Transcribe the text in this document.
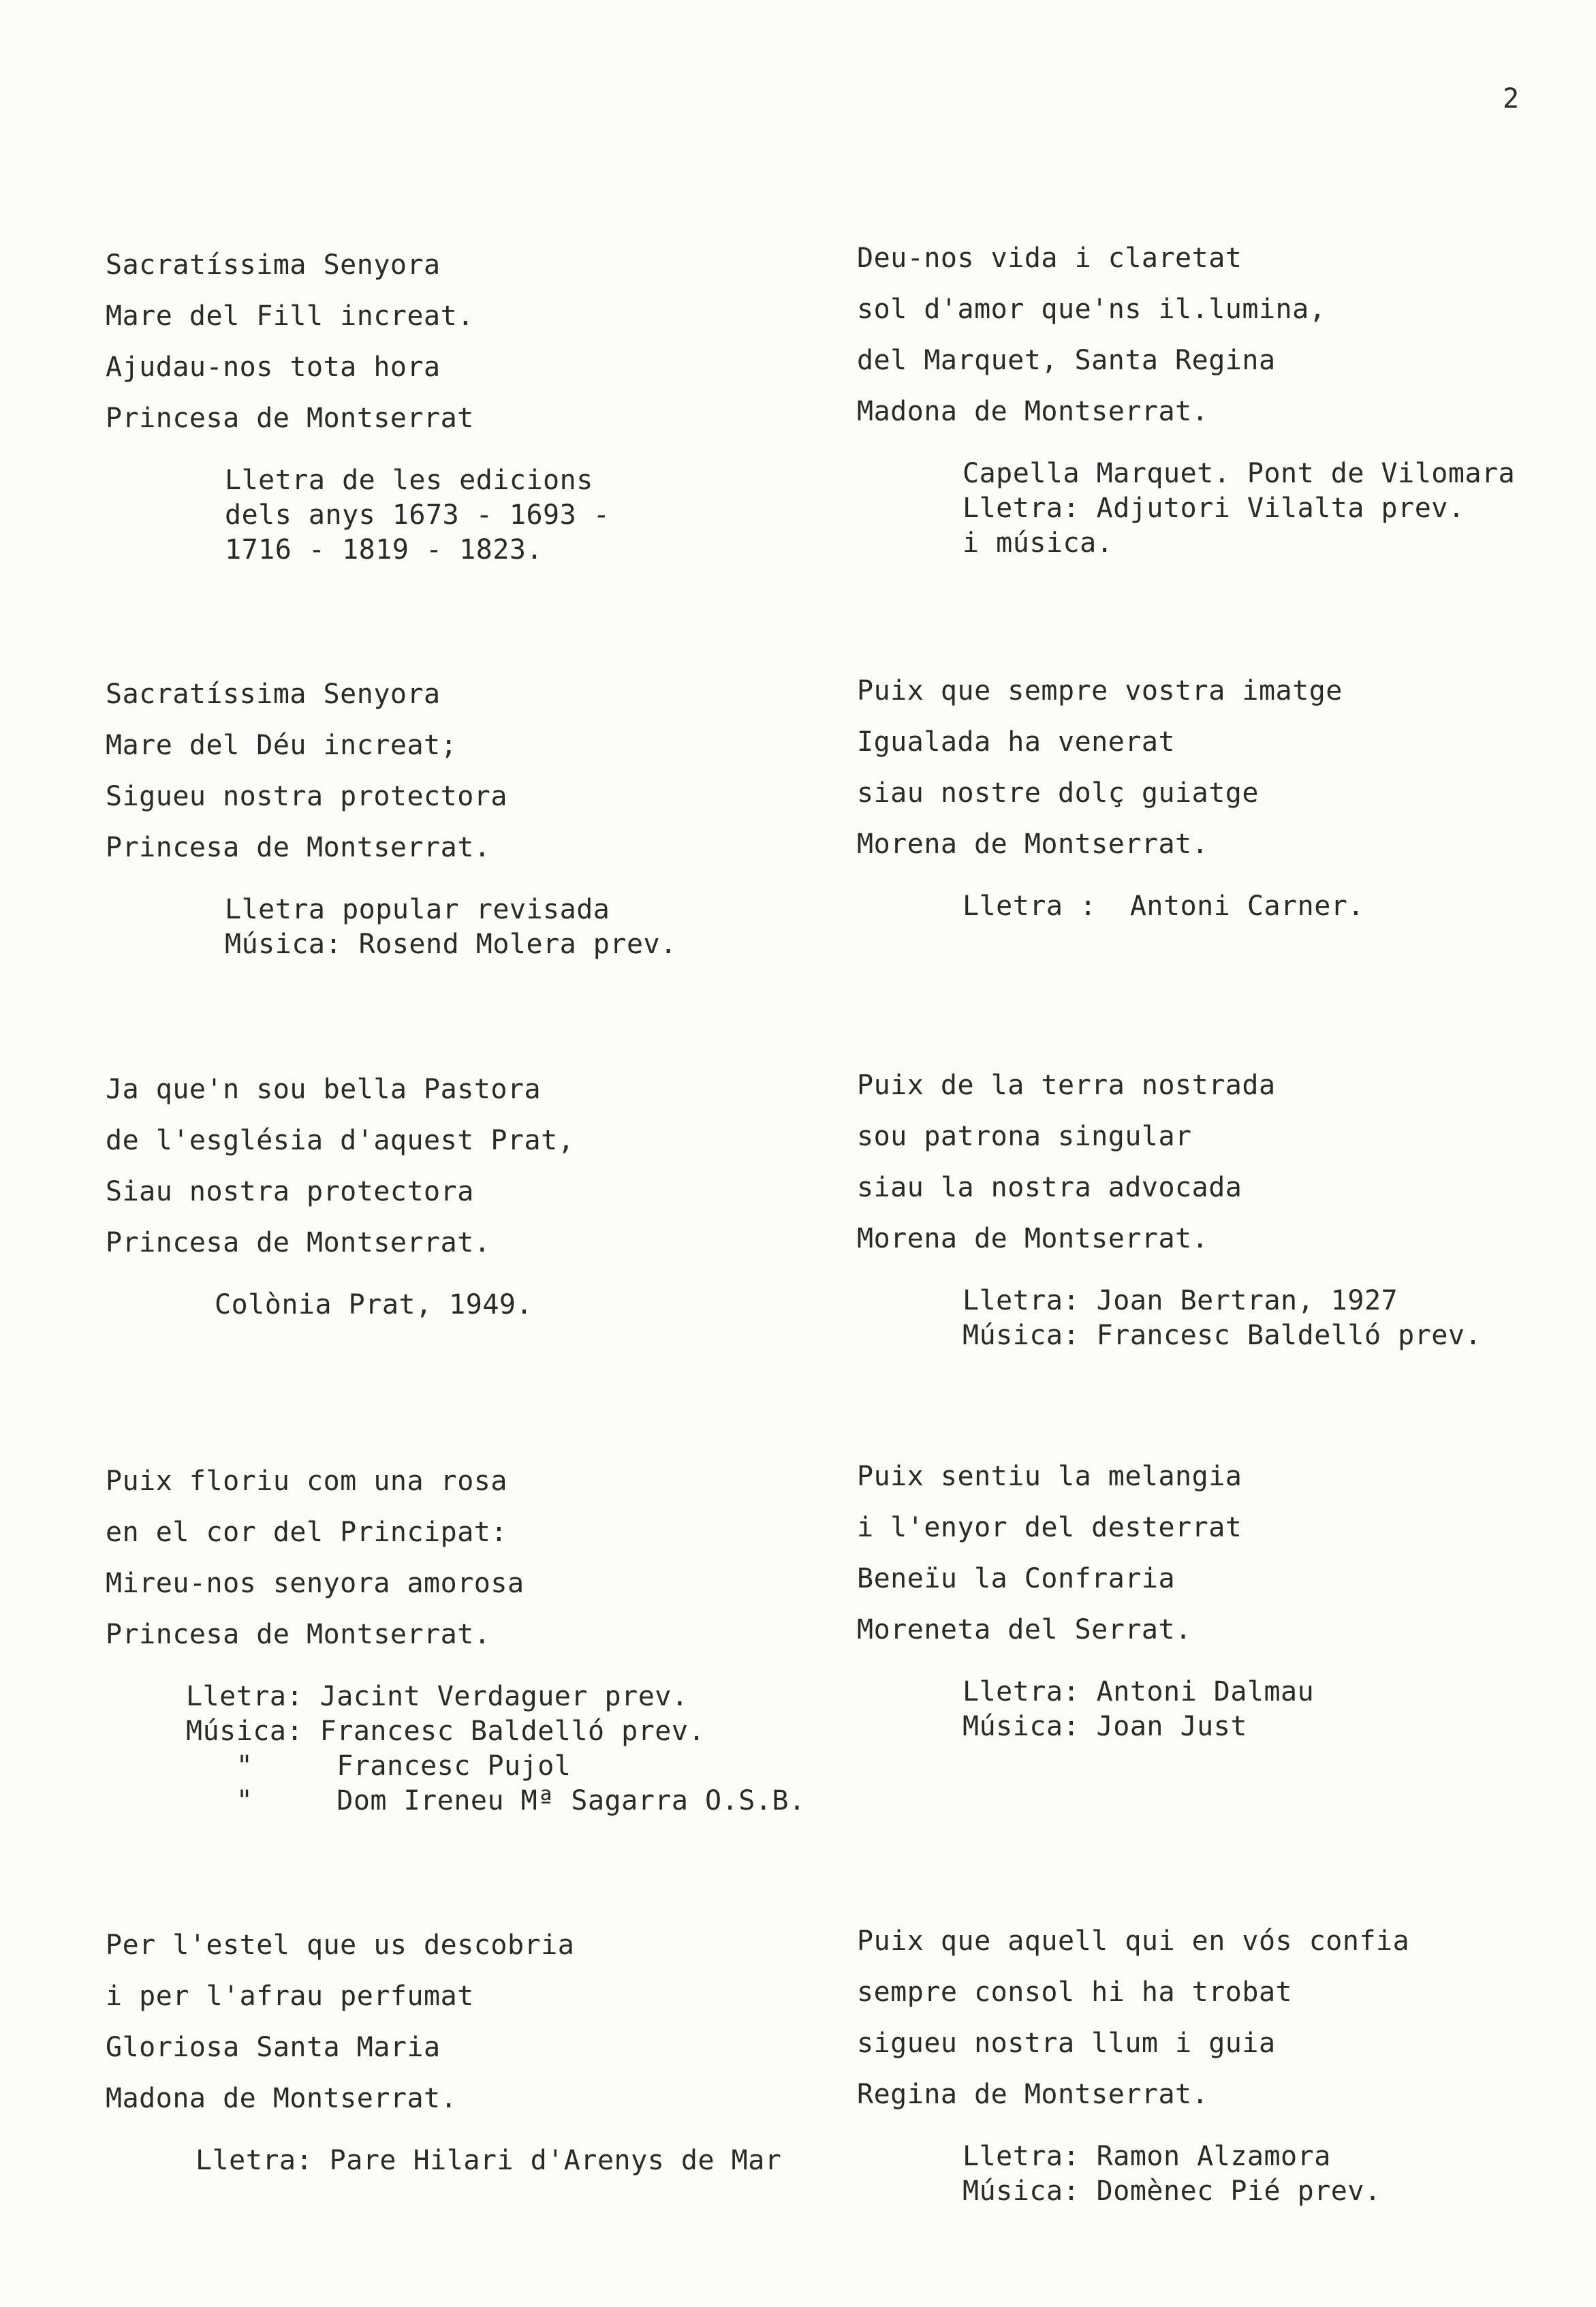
2
Sacratíssima Senyora
Mare del Fill increat.
Ajudau-nos tota hora
Princesa de Montserrat
Lletra de les edicions
dels anys 1673 - 1693 -
1716 - 1819 - 1823.
Deu-nos vida i claretat
sol d'amor que'ns il.lumina,
del Marquet, Santa Regina
Madona de Montserrat.
Capella Marquet. Pont de Vilomara
Lletra: Adjutori Vilalta prev.
i música.
Sacratíssima Senyora
Mare del Déu increat;
Sigueu nostra protectora
Princesa de Montserrat.
Lletra popular revisada
Música: Rosend Molera prev.
Puix que sempre vostra imatge
Igualada ha venerat
siau nostre dolç guiatge
Morena de Montserrat.
Lletra :  Antoni Carner.
Ja que'n sou bella Pastora
de l'església d'aquest Prat,
Siau nostra protectora
Princesa de Montserrat.
Colònia Prat, 1949.
Puix de la terra nostrada
sou patrona singular
siau la nostra advocada
Morena de Montserrat.
Lletra: Joan Bertran, 1927
Música: Francesc Baldelló prev.
Puix floriu com una rosa
en el cor del Principat:
Mireu-nos senyora amorosa
Princesa de Montserrat.
Lletra: Jacint Verdaguer prev.
Música: Francesc Baldelló prev.
"     Francesc Pujol
"     Dom Ireneu Mª Sagarra O.S.B.
Puix sentiu la melangia
i l'enyor del desterrat
Beneïu la Confraria
Moreneta del Serrat.
Lletra: Antoni Dalmau
Música: Joan Just
Per l'estel que us descobria
i per l'afrau perfumat
Gloriosa Santa Maria
Madona de Montserrat.
Lletra: Pare Hilari d'Arenys de Mar
Puix que aquell qui en vós confia
sempre consol hi ha trobat
sigueu nostra llum i guia
Regina de Montserrat.
Lletra: Ramon Alzamora
Música: Domènec Pié prev.
